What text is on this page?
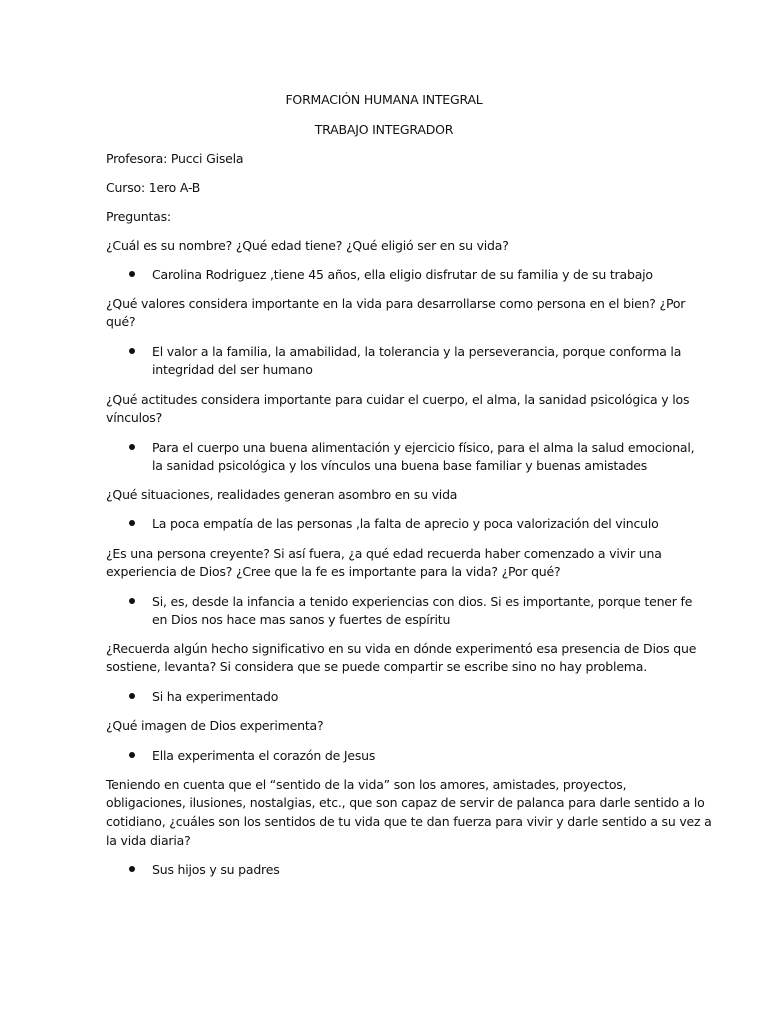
FORMACIÓN HUMANA INTEGRAL
TRABAJO INTEGRADOR
Profesora: Pucci Gisela
Curso: 1ero A-B
Preguntas:
¿Cuál es su nombre? ¿Qué edad tiene? ¿Qué eligió ser en su vida?
Carolina Rodriguez ,tiene 45 años, ella eligio disfrutar de su familia y de su trabajo
¿Qué valores considera importante en la vida para desarrollarse como persona en el bien? ¿Por
qué?
El valor a la familia, la amabilidad, la tolerancia y la perseverancia, porque conforma la
integridad del ser humano
¿Qué actitudes considera importante para cuidar el cuerpo, el alma, la sanidad psicológica y los
vínculos?
Para el cuerpo una buena alimentación y ejercicio físico, para el alma la salud emocional,
la sanidad psicológica y los vínculos una buena base familiar y buenas amistades
¿Qué situaciones, realidades generan asombro en su vida
La poca empatía de las personas ,la falta de aprecio y poca valorización del vinculo
¿Es una persona creyente? Si así fuera, ¿a qué edad recuerda haber comenzado a vivir una
experiencia de Dios? ¿Cree que la fe es importante para la vida? ¿Por qué?
Si, es, desde la infancia a tenido experiencias con dios. Si es importante, porque tener fe
en Dios nos hace mas sanos y fuertes de espíritu
¿Recuerda algún hecho significativo en su vida en dónde experimentó esa presencia de Dios que
sostiene, levanta? Si considera que se puede compartir se escribe sino no hay problema.
Si ha experimentado
¿Qué imagen de Dios experimenta?
Ella experimenta el corazón de Jesus
Teniendo en cuenta que el “sentido de la vida” son los amores, amistades, proyectos,
obligaciones, ilusiones, nostalgias, etc., que son capaz de servir de palanca para darle sentido a lo
cotidiano, ¿cuáles son los sentidos de tu vida que te dan fuerza para vivir y darle sentido a su vez a
la vida diaria?
Sus hijos y su padres
